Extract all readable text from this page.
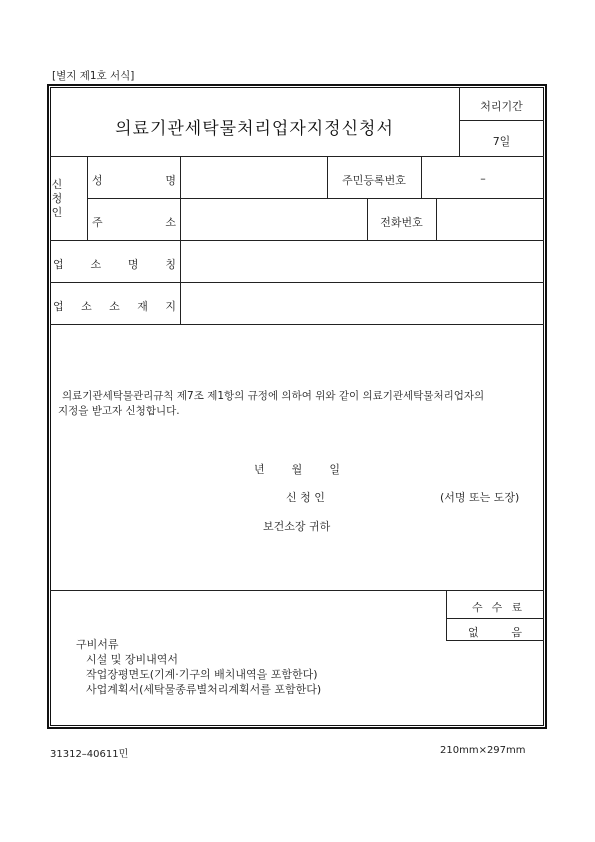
[별지 제1호 서식]
의료기관세탁물처리업자지정신청서
처리기간
7일
신
청
인
성	명	주민등록번호	–
주	소	전화번호
업 소 명 칭
업 소 소 재 지
의료기관세탁물관리규칙 제7조 제1항의 규정에 의하여 위와 같이 의료기관세탁물처리업자의
지정을 받고자 신청합니다.
년 월 일
신 청 인	(서명 또는 도장)
보건소장 귀하
수 수 료
없	음
구비서류
시설 및 장비내역서
작업장평면도(기계·기구의 배치내역을 포함한다)
사업계획서(세탁물종류별처리계획서를 포함한다)
31312–40611민	210mm×297mm
